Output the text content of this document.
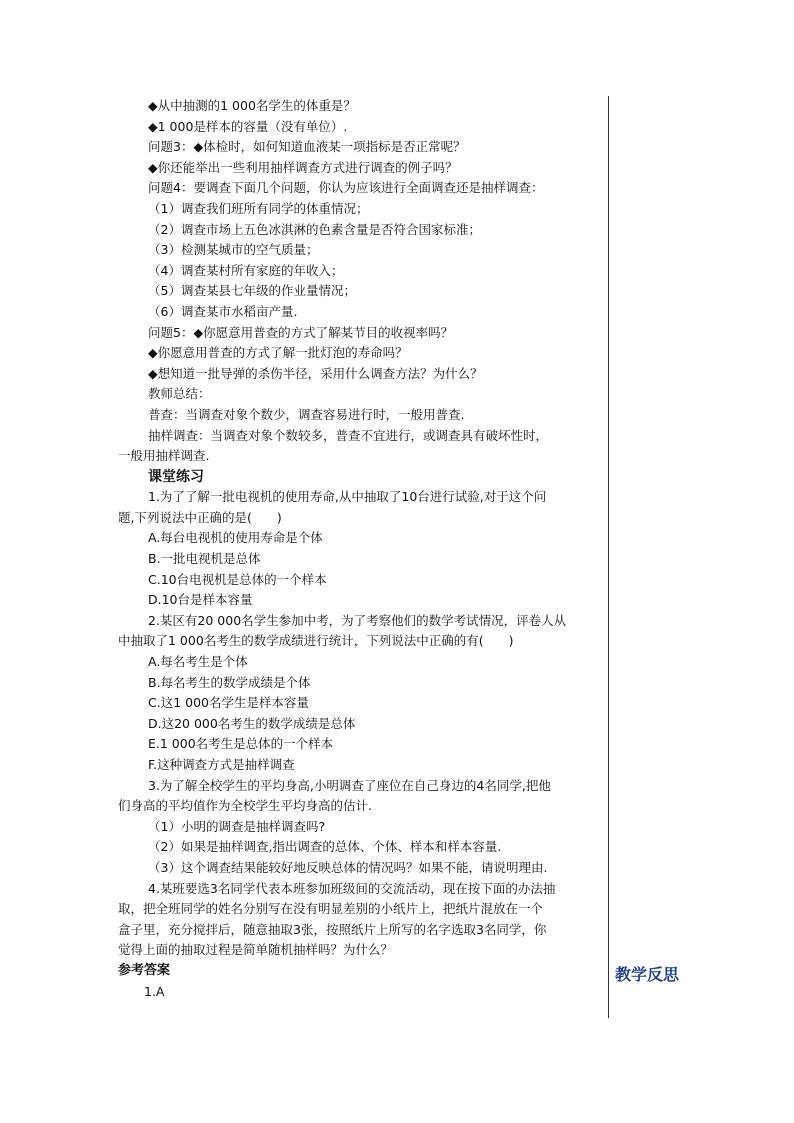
◆从中抽测的1 000名学生的体重是？
◆1 000是样本的容量（没有单位）.
问题3：◆体检时，如何知道血液某一项指标是否正常呢？
◆你还能举出一些利用抽样调查方式进行调查的例子吗？
问题4：要调查下面几个问题，你认为应该进行全面调查还是抽样调查：
（1）调查我们班所有同学的体重情况；
（2）调查市场上五色冰淇淋的色素含量是否符合国家标准；
（3）检测某城市的空气质量；
（4）调查某村所有家庭的年收入；
（5）调查某县七年级的作业量情况；
（6）调查某市水稻亩产量.
问题5：◆你愿意用普查的方式了解某节目的收视率吗？
◆你愿意用普查的方式了解一批灯泡的寿命吗？
◆想知道一批导弹的杀伤半径，采用什么调查方法？为什么？
教师总结：
普查：当调查对象个数少，调查容易进行时，一般用普查.
抽样调查：当调查对象个数较多，普查不宜进行，或调查具有破坏性时，
一般用抽样调查.
课堂练习
1.为了了解一批电视机的使用寿命,从中抽取了10台进行试验,对于这个问
题,下列说法中正确的是(　　)
A.每台电视机的使用寿命是个体
B.一批电视机是总体
C.10台电视机是总体的一个样本
D.10台是样本容量
2.某区有20 000名学生参加中考，为了考察他们的数学考试情况，评卷人从
中抽取了1 000名考生的数学成绩进行统计，下列说法中正确的有(　　)
A.每名考生是个体
B.每名考生的数学成绩是个体
C.这1 000名学生是样本容量
D.这20 000名考生的数学成绩是总体
E.1 000名考生是总体的一个样本
F.这种调查方式是抽样调查
3.为了解全校学生的平均身高,小明调查了座位在自己身边的4名同学,把他
们身高的平均值作为全校学生平均身高的估计.
（1）小明的调查是抽样调查吗?
（2）如果是抽样调查,指出调查的总体、个体、样本和样本容量.
（3）这个调查结果能较好地反映总体的情况吗？如果不能，请说明理由.
4.某班要选3名同学代表本班参加班级间的交流活动，现在按下面的办法抽
取，把全班同学的姓名分别写在没有明显差别的小纸片上，把纸片混放在一个
盒子里，充分搅拌后，随意抽取3张，按照纸片上所写的名字选取3名同学，你
觉得上面的抽取过程是简单随机抽样吗？为什么？
参考答案
1.A
教学反思
